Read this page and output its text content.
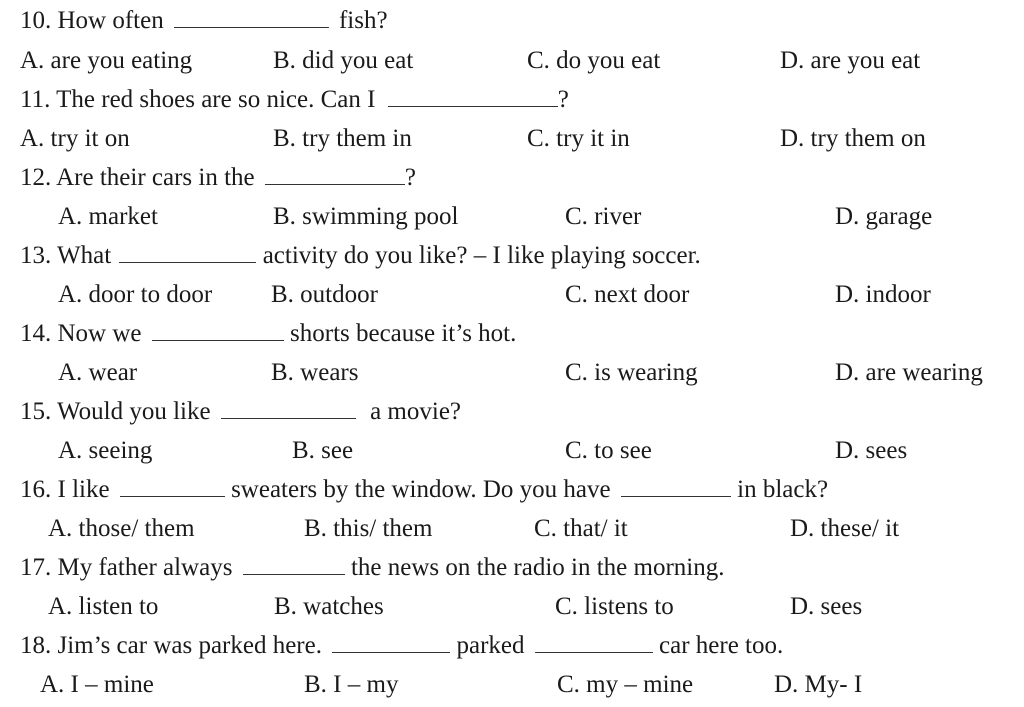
10. How often	fish?
A. are you eating	B. did you eat	C. do you eat	D. are you eat
11. The red shoes are so nice. Can I	?
A. try it on	B. try them in	C. try it in	D. try them on
12. Are their cars in the	?
A. market	B. swimming pool	C. river	D. garage
13. What	activity do you like? – I like playing soccer.
A. door to door B. outdoor	C. next door	D. indoor
14. Now we	shorts because it’s hot.
A. wear	B. wears	C. is wearing	D. are wearing
15. Would you like	a movie?
A. seeing	B. see	C. to see	D. sees
16. I like	sweaters by the window. Do you have	in black?
A. those/ them	B. this/ them	C. that/ it	D. these/ it
17. My father always	the news on the radio in the morning.
A. listen to	B. watches	C. listens to	D. sees
18. Jim’s car was parked here.	parked	car here too.
A. I – mine	B. I – my	C. my – mine	D. My- I
